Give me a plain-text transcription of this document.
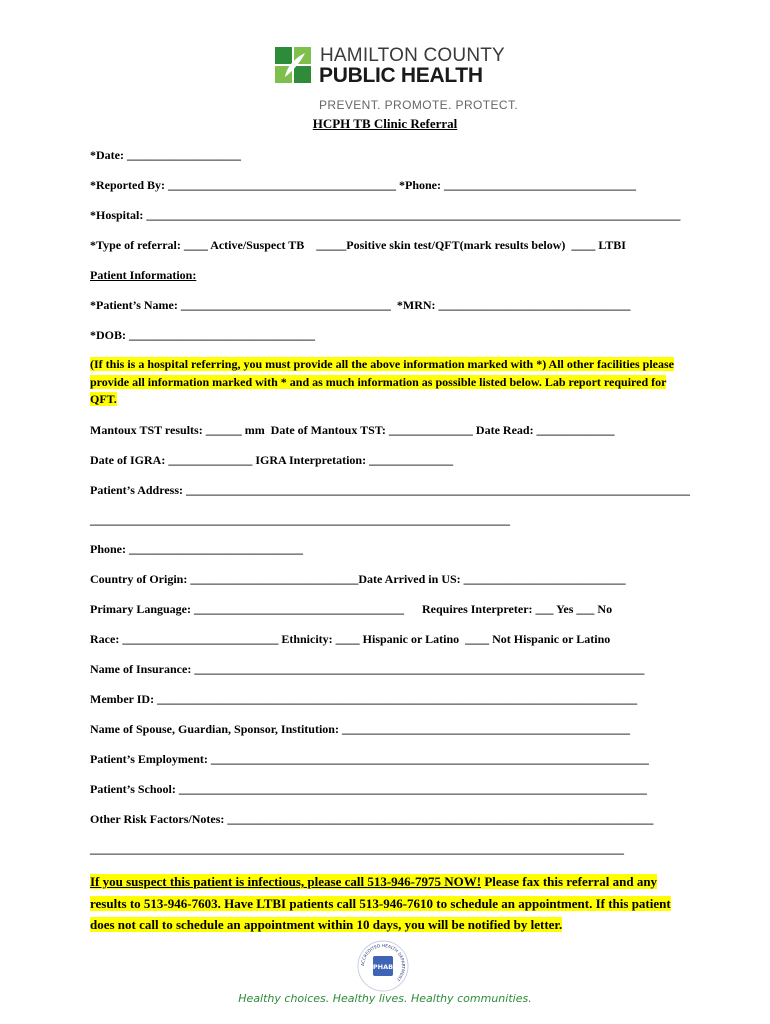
HAMILTON COUNTY
PUBLIC HEALTH
PREVENT. PROMOTE. PROTECT.
HCPH TB Clinic Referral
*Date: ___________________
*Reported By: ______________________________________ *Phone: ________________________________
*Hospital: _________________________________________________________________________________________
*Type of referral: ____ Active/Suspect TB    _____Positive skin test/QFT(mark results below)  ____ LTBI
Patient Information:
*Patient’s Name: ___________________________________  *MRN: ________________________________
*DOB: _______________________________
(If this is a hospital referring, you must provide all the above information marked with *) All other facilities please provide all information marked with * and as much information as possible listed below. Lab report required for QFT.
Mantoux TST results: ______ mm  Date of Mantoux TST: ______________ Date Read: _____________
Date of IGRA: ______________ IGRA Interpretation: ______________
Patient’s Address: ____________________________________________________________________________________
______________________________________________________________________
Phone: _____________________________
Country of Origin: ____________________________Date Arrived in US: ___________________________
Primary Language: ___________________________________      Requires Interpreter: ___ Yes ___ No
Race: __________________________ Ethnicity: ____ Hispanic or Latino  ____ Not Hispanic or Latino
Name of Insurance: ___________________________________________________________________________
Member ID: ________________________________________________________________________________
Name of Spouse, Guardian, Sponsor, Institution: ________________________________________________
Patient’s Employment: _________________________________________________________________________
Patient’s School: ______________________________________________________________________________
Other Risk Factors/Notes: _______________________________________________________________________
_________________________________________________________________________________________
If you suspect this patient is infectious, please call 513-946-7975 NOW! Please fax this referral and any results to 513-946-7603. Have LTBI patients call 513-946-7610 to schedule an appointment. If this patient does not call to schedule an appointment within 10 days, you will be notified by letter.
ACCREDITED HEALTH DEPARTMENT
PHAB
Healthy choices. Healthy lives. Healthy communities.
